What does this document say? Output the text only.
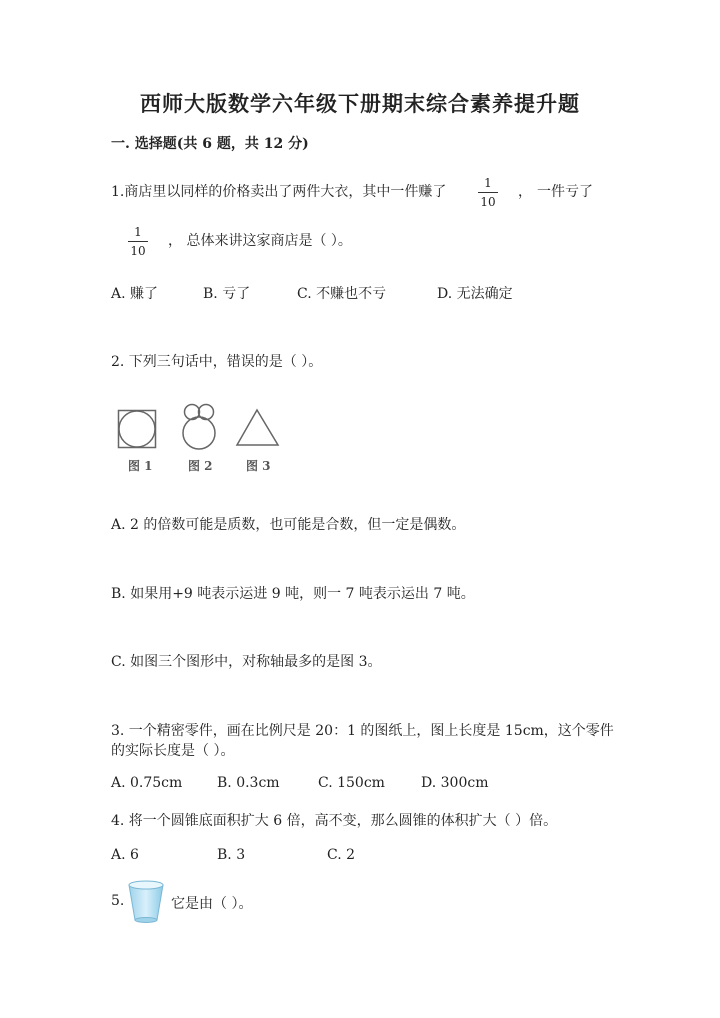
西师大版数学六年级下册期末综合素养提升题
一. 选择题(共 6 题，共 12 分)
1.商店里以同样的价格卖出了两件大衣，其中一件赚了
1
10
， 一件亏了
1
10
， 总体来讲这家商店是（ ）。
A. 赚了	B. 亏了	C. 不赚也不亏	D. 无法确定
2. 下列三句话中，错误的是（ ）。
图 1	图 2	图 3
A. 2 的倍数可能是质数，也可能是合数，但一定是偶数。
B. 如果用+9 吨表示运进 9 吨，则一 7 吨表示运出 7 吨。
C. 如图三个图形中，对称轴最多的是图 3。
3. 一个精密零件，画在比例尺是 20：1 的图纸上，图上长度是 15cm，这个零件
的实际长度是（ ）。
A. 0.75cm B. 0.3cm	C. 150cm	D. 300cm
4. 将一个圆锥底面积扩大 6 倍，高不变，那么圆锥的体积扩大（ ）倍。
A. 6	B. 3	C. 2
5.	它是由（ ）。
